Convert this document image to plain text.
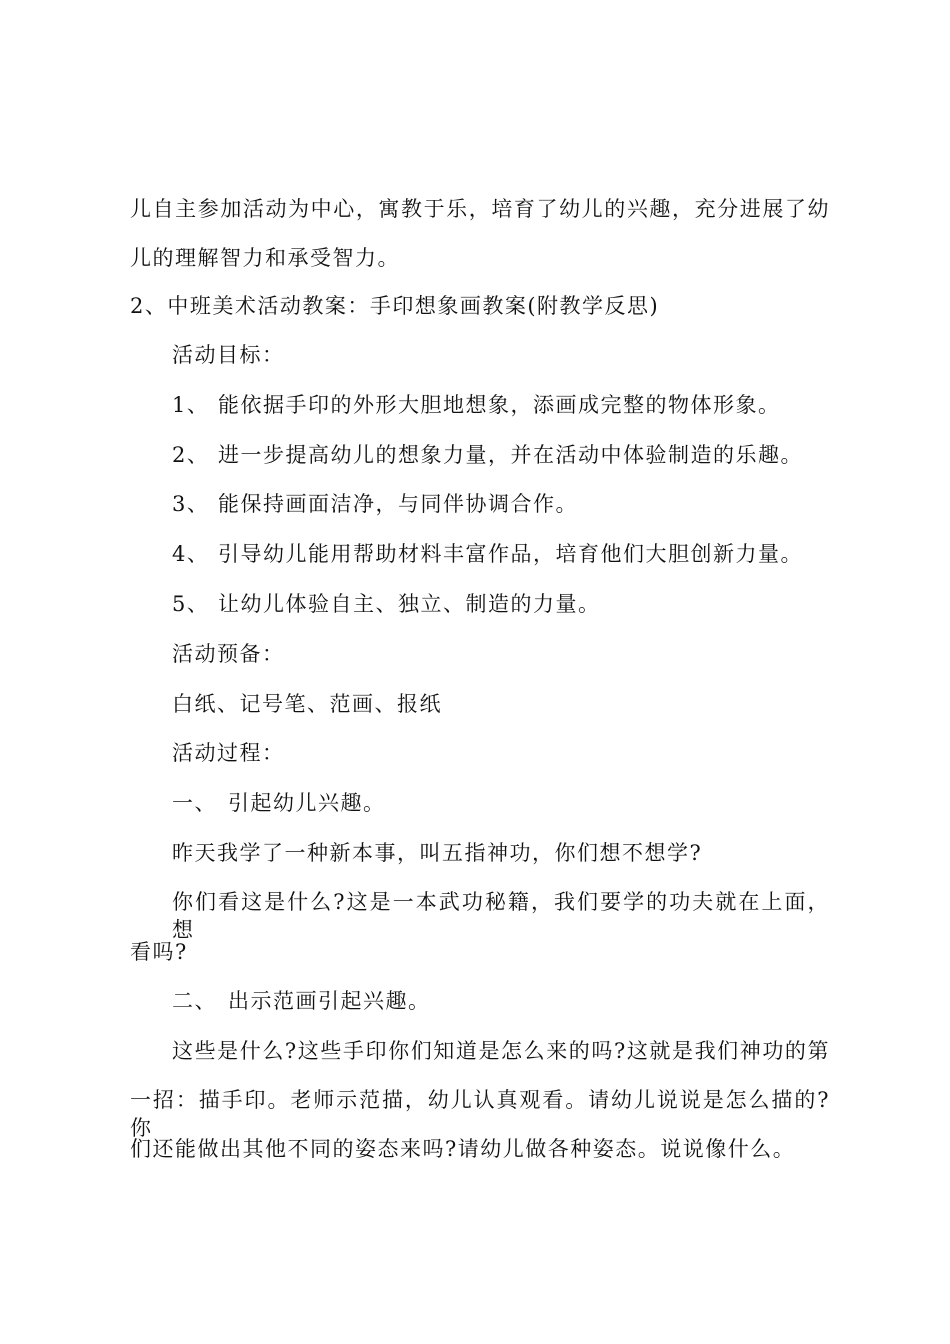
儿自主参加活动为中心，寓教于乐，培育了幼儿的兴趣，充分进展了幼
儿的理解智力和承受智力。
2、中班美术活动教案：手印想象画教案(附教学反思)
活动目标：
1、 能依据手印的外形大胆地想象，添画成完整的物体形象。
2、 进一步提高幼儿的想象力量，并在活动中体验制造的乐趣。
3、 能保持画面洁净，与同伴协调合作。
4、 引导幼儿能用帮助材料丰富作品，培育他们大胆创新力量。
5、 让幼儿体验自主、独立、制造的力量。
活动预备：
白纸、记号笔、范画、报纸
活动过程：
一、 引起幼儿兴趣。
昨天我学了一种新本事，叫五指神功，你们想不想学?
你们看这是什么?这是一本武功秘籍，我们要学的功夫就在上面，想
看吗?
二、 出示范画引起兴趣。
这些是什么?这些手印你们知道是怎么来的吗?这就是我们神功的第
一招：描手印。老师示范描，幼儿认真观看。请幼儿说说是怎么描的?你
们还能做出其他不同的姿态来吗?请幼儿做各种姿态。说说像什么。
